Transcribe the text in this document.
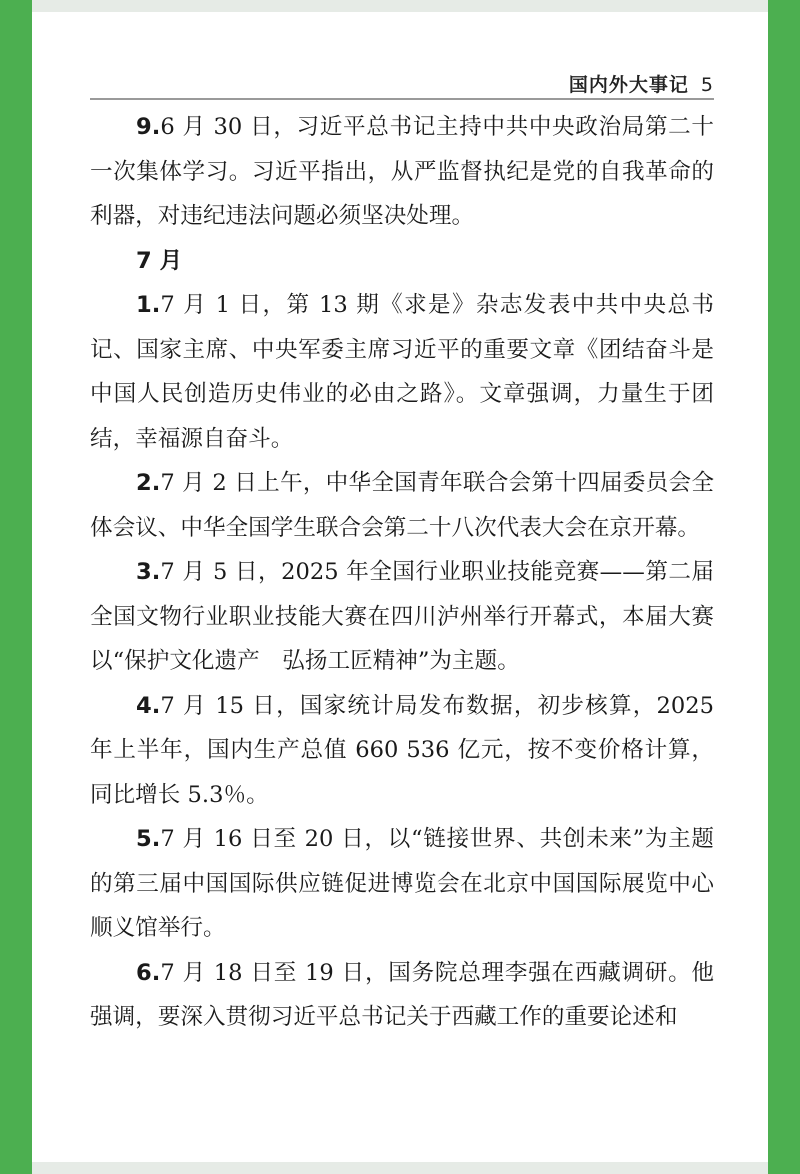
国内外大事记 5

9.6 月 30 日，习近平总书记主持中共中央政治局第二十一次集体学习。习近平指出，从严监督执纪是党的自我革命的利器，对违纪违法问题必须坚决处理。

7 月

1.7 月 1 日，第 13 期《求是》杂志发表中共中央总书记、国家主席、中央军委主席习近平的重要文章《团结奋斗是中国人民创造历史伟业的必由之路》。文章强调，力量生于团结，幸福源自奋斗。

2.7 月 2 日上午，中华全国青年联合会第十四届委员会全体会议、中华全国学生联合会第二十八次代表大会在京开幕。

3.7 月 5 日，2025 年全国行业职业技能竞赛——第二届全国文物行业职业技能大赛在四川泸州举行开幕式，本届大赛以“保护文化遗产　弘扬工匠精神”为主题。

4.7 月 15 日，国家统计局发布数据，初步核算，2025 年上半年，国内生产总值 660 536 亿元，按不变价格计算，同比增长 5.3％。

5.7 月 16 日至 20 日，以“链接世界、共创未来”为主题的第三届中国国际供应链促进博览会在北京中国国际展览中心顺义馆举行。

6.7 月 18 日至 19 日，国务院总理李强在西藏调研。他强调，要深入贯彻习近平总书记关于西藏工作的重要论述和
